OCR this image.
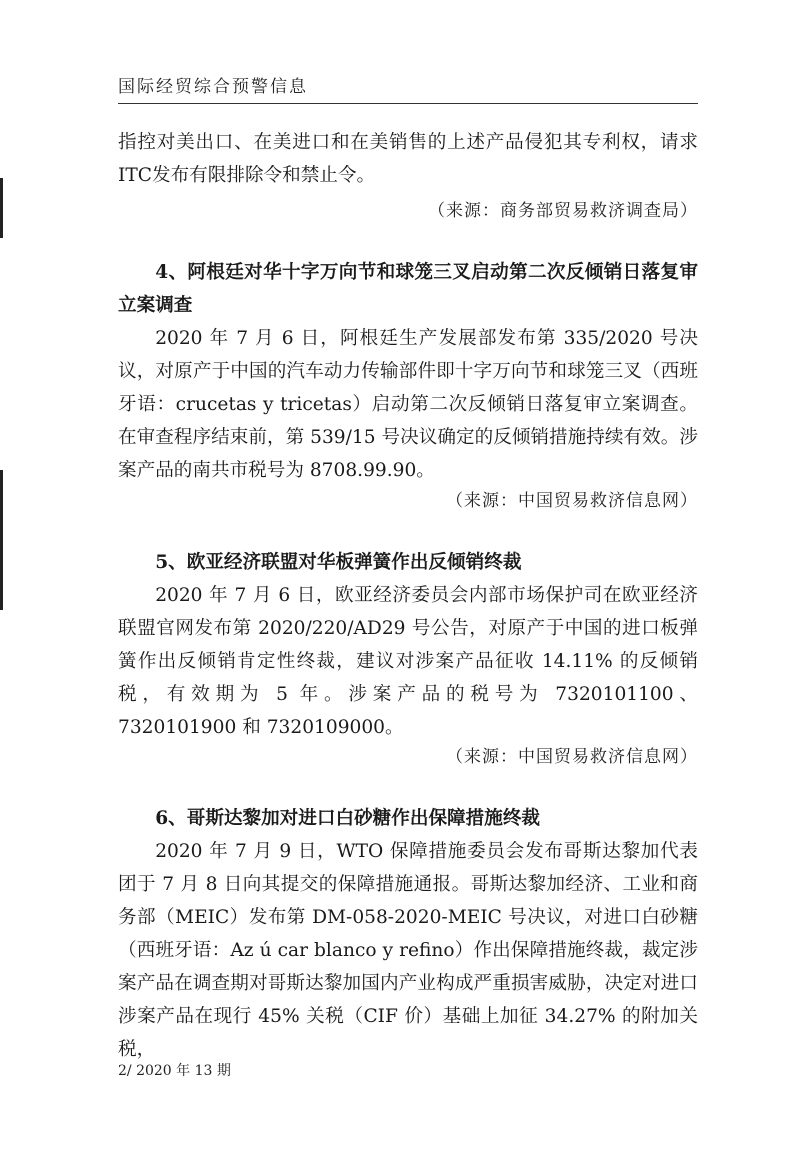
国际经贸综合预警信息

指控对美出口、在美进口和在美销售的上述产品侵犯其专利权，请求ITC发布有限排除令和禁止令。

（来源：商务部贸易救济调查局）
4、阿根廷对华十字万向节和球笼三叉启动第二次反倾销日落复审立案调查

2020 年 7 月 6 日，阿根廷生产发展部发布第 335/2020 号决议，对原产于中国的汽车动力传输部件即十字万向节和球笼三叉（西班牙语：crucetas y tricetas）启动第二次反倾销日落复审立案调查。在审查程序结束前，第 539/15 号决议确定的反倾销措施持续有效。涉案产品的南共市税号为 8708.99.90。

（来源：中国贸易救济信息网）
5、欧亚经济联盟对华板弹簧作出反倾销终裁

2020 年 7 月 6 日，欧亚经济委员会内部市场保护司在欧亚经济联盟官网发布第 2020/220/AD29 号公告，对原产于中国的进口板弹簧作出反倾销肯定性终裁，建议对涉案产品征收 14.11% 的反倾销税，有效期为 5 年。涉案产品的税号为 7320101100、7320101900 和 7320109000。

（来源：中国贸易救济信息网）
6、哥斯达黎加对进口白砂糖作出保障措施终裁

2020 年 7 月 9 日，WTO 保障措施委员会发布哥斯达黎加代表团于 7 月 8 日向其提交的保障措施通报。哥斯达黎加经济、工业和商务部（MEIC）发布第 DM-058-2020-MEIC 号决议，对进口白砂糖（西班牙语：Az ú car blanco y refino）作出保障措施终裁，裁定涉案产品在调查期对哥斯达黎加国内产业构成严重损害威胁，决定对进口涉案产品在现行 45% 关税（CIF 价）基础上加征 34.27% 的附加关税，

2/ 2020 年 13 期
